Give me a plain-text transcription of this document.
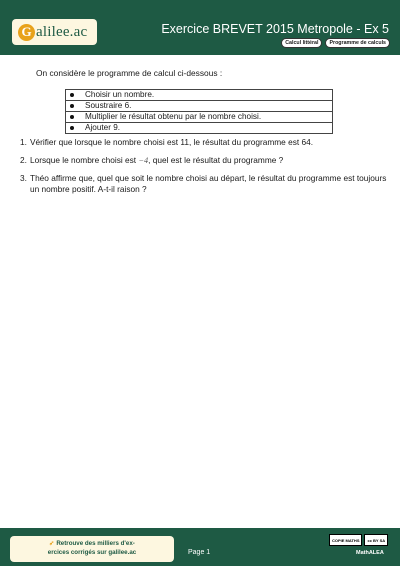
G alilee.ac	Exercice BREVET 2015 Metropole - Ex 5
Calcul littéral	Programme de calculs
On considère le programme de calcul ci-dessous :
Choisir un nombre.
Soustraire 6.
Multiplier le résultat obtenu par le nombre choisi.
Ajouter 9.
1. Vérifier que lorsque le nombre choisi est 11, le résultat du programme est 64.
2. Lorsque le nombre choisi est −4, quel est le résultat du programme ?
3. Théo affirme que, quel que soit le nombre choisi au départ, le résultat du programme est toujours un nombre positif. A-t-il raison ?
➶ Retrouve des milliers d'ex-
ercices corrigés sur galilee.ac	Page 1
COPIE MATHS	cc BY SA
MathALEA
